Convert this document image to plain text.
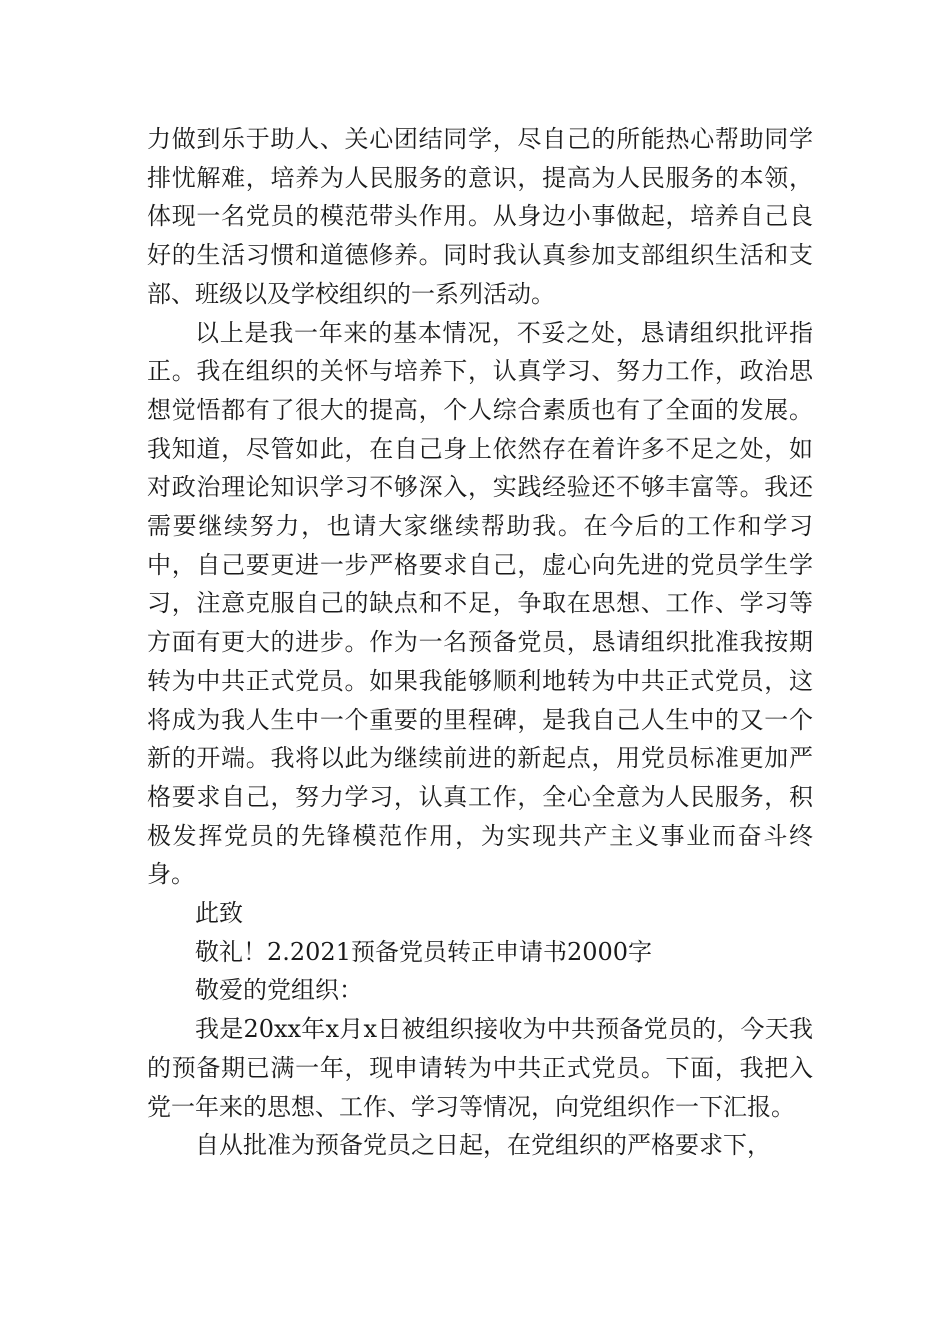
力做到乐于助人、关心团结同学，尽自己的所能热心帮助同学排忧解难，培养为人民服务的意识，提高为人民服务的本领，体现一名党员的模范带头作用。从身边小事做起，培养自己良好的生活习惯和道德修养。同时我认真参加支部组织生活和支部、班级以及学校组织的一系列活动。

以上是我一年来的基本情况，不妥之处，恳请组织批评指正。我在组织的关怀与培养下，认真学习、努力工作，政治思想觉悟都有了很大的提高，个人综合素质也有了全面的发展。我知道，尽管如此，在自己身上依然存在着许多不足之处，如对政治理论知识学习不够深入，实践经验还不够丰富等。我还需要继续努力，也请大家继续帮助我。在今后的工作和学习中，自己要更进一步严格要求自己，虚心向先进的党员学生学习，注意克服自己的缺点和不足，争取在思想、工作、学习等方面有更大的进步。作为一名预备党员，恳请组织批准我按期转为中共正式党员。如果我能够顺利地转为中共正式党员，这将成为我人生中一个重要的里程碑，是我自己人生中的又一个新的开端。我将以此为继续前进的新起点，用党员标准更加严格要求自己，努力学习，认真工作，全心全意为人民服务，积极发挥党员的先锋模范作用，为实现共产主义事业而奋斗终身。

此致

敬礼！2.2021预备党员转正申请书2000字

敬爱的党组织：

我是20xx年x月x日被组织接收为中共预备党员的，今天我的预备期已满一年，现申请转为中共正式党员。下面，我把入党一年来的思想、工作、学习等情况，向党组织作一下汇报。

自从批准为预备党员之日起，在党组织的严格要求下，
